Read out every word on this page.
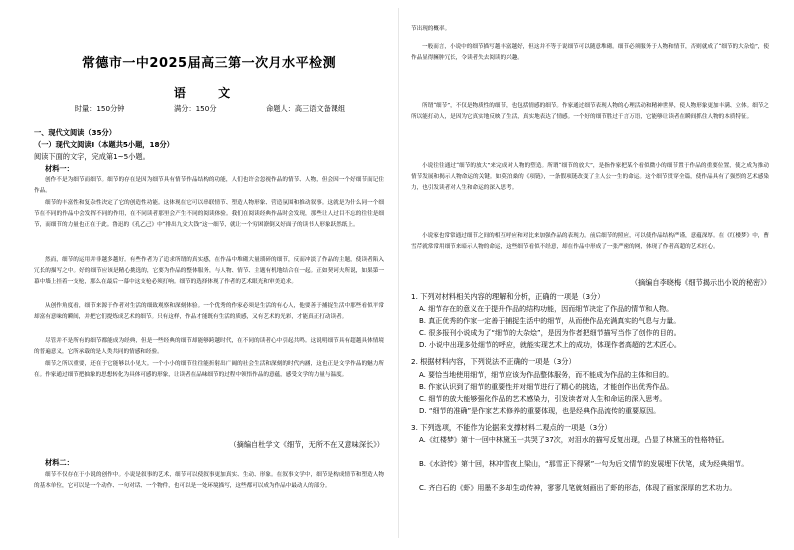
常德市一中2025届高三第一次月水平检测
语 文
时量：150分钟	满分：150分	命题人：高三语文备课组
一、现代文阅读（35分）
（一）现代文阅读Ⅰ（本题共5小题，18分）
阅读下面的文字，完成第1~5小题。
材料一：
创作不是为细节而细节。细节的存在是因为细节具有情节作品结构的功能，人们也许会忽视作品的情节、人物，但会因一个好细节而记住作品。
细节的丰富性和复杂性决定了它的创造性功能。这体现在它可以串联情节、塑造人物形象、营造氛围和推动叙事。这就是为什么同一个细节在不同的作品中会发挥不同的作用，在不同读者那里会产生不同的阅读体验。我们在阅读经典作品时会发现，那些让人过目不忘的往往是细节，而细节的力量也正在于此。鲁迅的《孔乙己》中“排出九文大钱”这一细节，就让一个穷困潦倒又好面子的读书人形象跃然纸上。
然而，细节的运用并非越多越好。有些作者为了追求所谓的真实感，在作品中堆砌大量琐碎的细节，反而冲淡了作品的主题，使读者陷入冗长的描写之中。好的细节应该是精心挑选的，它要为作品的整体服务，与人物、情节、主题有机地结合在一起。正如契诃夫所说，如果第一幕中墙上挂着一支枪，那么在最后一幕中这支枪必须打响。细节的选择体现了作者的艺术眼光和审美追求。
从创作角度看，细节来源于作者对生活的细致观察和深刻体验。一个优秀的作家必须是生活的有心人，他要善于捕捉生活中那些看似平常却富有意味的瞬间，并把它们提炼成艺术的细节。只有这样，作品才能既有生活的质感，又有艺术的光彩，才能真正打动读者。
尽管并不是所有的细节都能成为经典，但是一些经典的细节却能够跨越时代，在不同的读者心中引起共鸣。这说明细节具有超越具体情境的普遍意义，它所承载的是人类共同的情感和经验。
细节之所以重要，还在于它能够以小见大。一个小小的细节往往能折射出广阔的社会生活和深刻的时代内涵，这也正是文学作品的魅力所在。作家通过细节把抽象的思想转化为具体可感的形象，让读者在品味细节的过程中领悟作品的意蕴，感受文学的力量与温度。
（摘编自杜学文《细节，无所不在又意味深长》）
材料二：
细节不仅存在于小说的创作中。小说是叙事的艺术，细节可以使叙事更加真实、生动、形象。在叙事文学中，细节是构成情节和塑造人物的基本单位，它可以是一个动作、一句对话、一个物件，也可以是一处环境描写，这些都可以成为作品中最动人的部分。
节出现的概率。
一般而言，小说中的细节描写越丰富越好，但这并不等于说细节可以随意堆砌。细节必须服务于人物和情节，否则就成了“细节的大杂烩”，使作品显得臃肿冗长，令读者失去阅读的兴趣。
所谓“细节”，不仅是物质性的细节，也包括情感的细节。作家通过细节表现人物的心理活动和精神世界，使人物形象更加丰满、立体。细节之所以能打动人，是因为它真实地反映了生活，真实地表达了情感。一个好的细节胜过千言万语，它能够让读者在瞬间抓住人物的本质特征。
小说往往通过“细节的放大”来完成对人物的塑造。所谓“细节的放大”，是指作家把某个看似微小的细节置于作品的重要位置，使之成为推动情节发展和揭示人物命运的关键。如莫泊桑的《项链》，一条假项链改变了主人公一生的命运。这个细节贯穿全篇，使作品具有了强烈的艺术感染力，也引发读者对人生和命运的深入思考。
小说家也常常通过细节之间的相互呼应和对比来加强作品的表现力。前后细节的照应，可以使作品结构严谨，意蕴深厚。在《红楼梦》中，曹雪芹就常常用细节来暗示人物的命运，这些细节看似不经意，却在作品中形成了一张严密的网，体现了作者高超的艺术匠心。
（摘编自李晓梅《细节揭示出小说的秘密》）
1. 下列对材料相关内容的理解和分析，正确的一项是（3分）
A. 细节存在的意义在于提升作品的结构功能，因而细节决定了作品的情节和人物。
B. 真正优秀的作家一定善于捕捉生活中的细节，从而使作品充满真实的气息与力量。
C. 很多报刊小说成为了“细节的大杂烩”，是因为作者把细节描写当作了创作的目的。
D. 小说中出现多处细节的呼应，就能实现艺术上的成功，体现作者高超的艺术匠心。
2. 根据材料内容，下列说法不正确的一项是（3分）
A. 要恰当地使用细节，细节应该为作品整体服务，而不能成为作品的主体和目的。
B. 作家认识到了细节的重要性并对细节进行了精心的挑选，才能创作出优秀作品。
C. 细节的放大能够强化作品的艺术感染力，引发读者对人生和命运的深入思考。
D. “细节的准确”是作家艺术修养的重要体现，也是经典作品流传的重要原因。
3. 下列选项，不能作为论据来支撑材料二观点的一项是（3分）
A.《红楼梦》第十一回中林黛玉一共哭了37次，对泪水的描写反复出现，凸显了林黛玉的性格特征。
B.《水浒传》第十回，林冲雪夜上梁山，“那雪正下得紧”一句为后文情节的发展埋下伏笔，成为经典细节。
C. 齐白石的《虾》用墨不多却生动传神，寥寥几笔就刻画出了虾的形态，体现了画家深厚的艺术功力。
